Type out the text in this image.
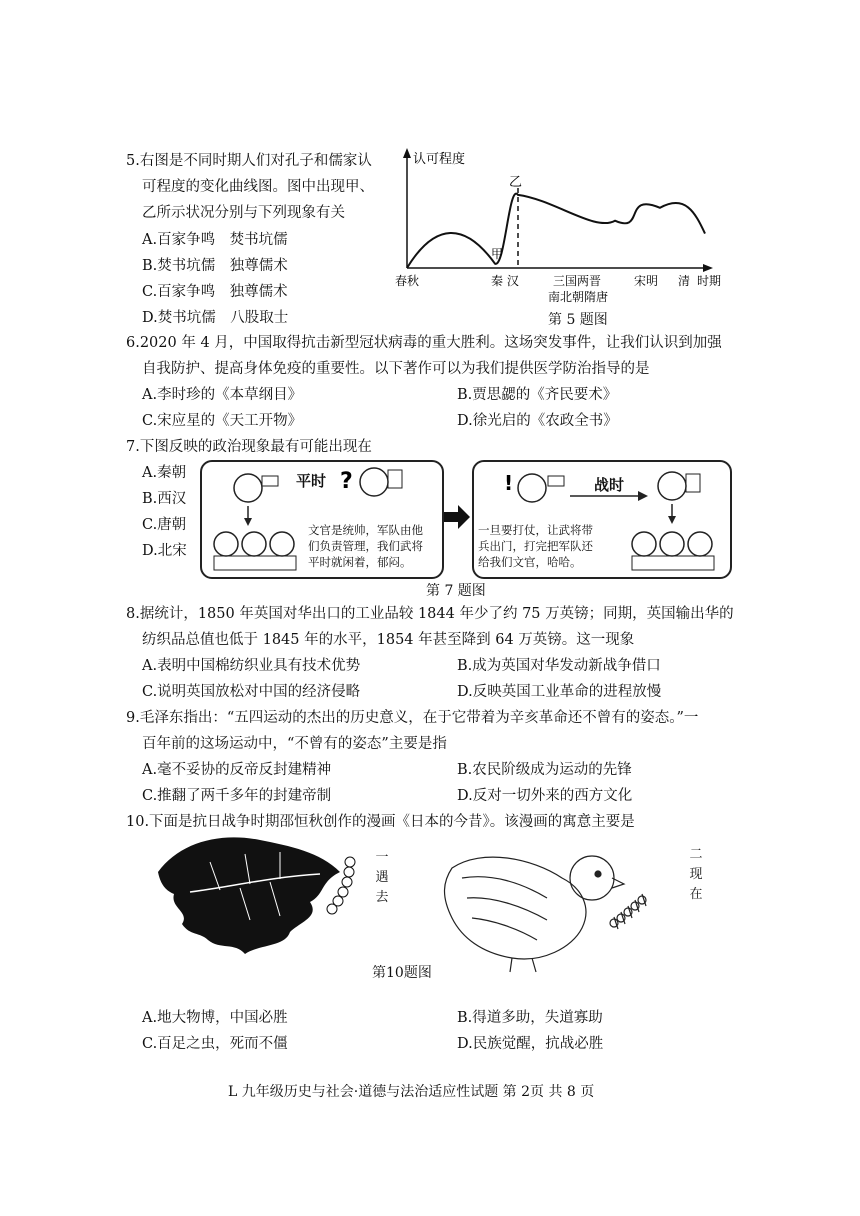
5.右图是不同时期人们对孔子和儒家认
可程度的变化曲线图。图中出现甲、
乙所示状况分别与下列现象有关
A.百家争鸣　焚书坑儒
B.焚书坑儒　独尊儒术
C.百家争鸣　独尊儒术
D.焚书坑儒　八股取士
认可程度
甲
乙
春秋	秦 汉	三国两晋
南北朝隋唐
宋明 清 时期
第 5 题图
6.2020 年 4 月，中国取得抗击新型冠状病毒的重大胜利。这场突发事件，让我们认识到加强
自我防护、提高身体免疫的重要性。以下著作可以为我们提供医学防治指导的是
A.李时珍的《本草纲目》	B.贾思勰的《齐民要术》
C.宋应星的《天工开物》	D.徐光启的《农政全书》
7.下图反映的政治现象最有可能出现在
A.秦朝
B.西汉
C.唐朝
D.北宋
?
平时
文官是统帅，军队由他们负责管理，我们武将平时就闲着，郁闷。
!	战时
一旦要打仗，让武将带兵出门，打完把军队还给我们文官，哈哈。
第 7 题图
8.据统计，1850 年英国对华出口的工业品较 1844 年少了约 75 万英镑；同期，英国输出华的
纺织品总值也低于 1845 年的水平，1854 年甚至降到 64 万英镑。这一现象
A.表明中国棉纺织业具有技术优势	B.成为英国对华发动新战争借口
C.说明英国放松对中国的经济侵略	D.反映英国工业革命的进程放慢
9.毛泽东指出：“五四运动的杰出的历史意义，在于它带着为辛亥革命还不曾有的姿态。”一
百年前的这场运动中，“不曾有的姿态”主要是指
A.毫不妥协的反帝反封建精神	B.农民阶级成为运动的先锋
C.推翻了两千多年的封建帝制	D.反对一切外来的西方文化
10.下面是抗日战争时期邵恒秋创作的漫画《日本的今昔》。该漫画的寓意主要是
一遇去
二现在
第10题图
A.地大物博，中国必胜	B.得道多助，失道寡助
C.百足之虫，死而不僵	D.民族觉醒，抗战必胜
L 九年级历史与社会·道德与法治适应性试题 第 2页 共 8 页
